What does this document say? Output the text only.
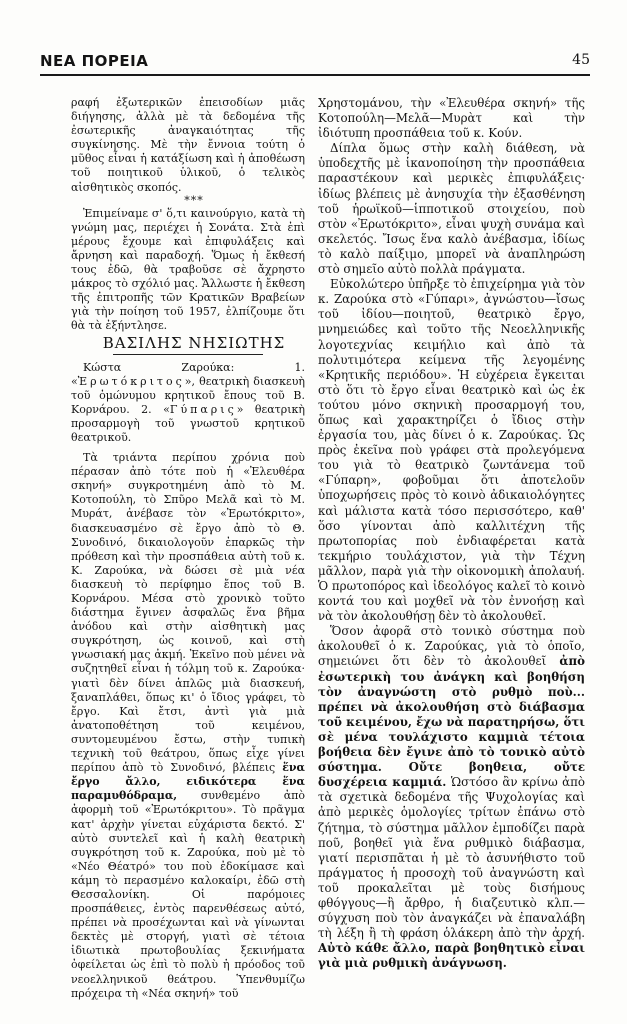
ΝΕΑ ΠΟΡΕΙΑ	45

ραφή ἐξωτερικῶν ἐπεισοδίων μιᾶς διήγησης, ἀλλὰ μὲ τὰ δεδομένα τῆς ἐσωτερικῆς ἀναγκαιότητας τῆς συγκίνησης. Μὲ τὴν ἔννοια τούτη ὁ μῦθος εἶναι ἡ κατάξίωση καὶ ἡ ἀποθέωση τοῦ ποιητικοῦ ὑλικοῦ, ὁ τελικὸς αἰσθητικὸς σκοπός.

***

Ἐπιμείναμε σ' ὅ,τι καινούργιο, κατὰ τὴ γνώμη μας, περιέχει ἡ Σονάτα. Στὰ ἐπὶ μέρους ἔχουμε καὶ ἐπιφυλάξεις καὶ ἄρνηση καὶ παραδοχή. Ὅμως ἡ ἔκθεσή τους ἐδῶ, θὰ τραβοῦσε σὲ ἄχρηστο μάκρος τὸ σχόλιό μας. Ἄλλωστε ἡ ἔκθεση τῆς ἐπιτροπῆς τῶν Κρατικῶν Βραβείων γιὰ τὴν ποίηση τοῦ 1957, ἐλπίζουμε ὅτι θὰ τὰ ἐξήντλησε.

ΒΑΣΙΛΗΣ ΝΗΣΙΩΤΗΣ

Κώστα Ζαρούκα: 1. «Ἐρωτόκριτος», θεατρικὴ διασκευὴ τοῦ ὁμώνυμου κρητικοῦ ἔπους τοῦ Β. Κορνάρου. 2. «Γύπαρις» θεατρικὴ προσαρμογὴ τοῦ γνωστοῦ κρητικοῦ θεατρικοῦ.

Τὰ τριάντα περίπου χρόνια ποὺ πέρασαν ἀπὸ τότε ποὺ ἡ «Ἐλευθέρα σκηνή» συγκροτημένη ἀπὸ τὸ Μ. Κοτοπούλη, τὸ Σπῦρο Μελᾶ καὶ τὸ Μ. Μυράτ, ἀνέβασε τὸν «Ἐρωτόκριτο», διασκευασμένο σὲ ἔργο ἀπὸ τὸ Θ. Συνοδινό, δικαιολογοῦν ἐπαρκῶς τὴν πρόθεση καὶ τὴν προσπάθεια αὐτὴ τοῦ κ. Κ. Ζαρούκα, νὰ δώσει σὲ μιὰ νέα διασκευὴ τὸ περίφημο ἔπος τοῦ Β. Κορνάρου. Μέσα στὸ χρονικὸ τοῦτο διάστημα ἔγινεν ἀσφαλῶς ἕνα βῆμα ἀνόδου καὶ στὴν αἰσθητικὴ μας συγκρότηση, ὡς κοινοῦ, καὶ στὴ γνωσιακή μας ἀκμή. Ἐκεῖνο ποὺ μένει νὰ συζητηθεῖ εἶναι ἡ τόλμη τοῦ κ. Ζαρούκα· γιατὶ δὲν δίνει ἁπλῶς μιὰ διασκευή, ξαναπλάθει, ὅπως κι' ὁ ἴδιος γράφει, τὸ ἔργο. Καὶ ἔτσι, ἀντὶ γιὰ μιὰ ἀνατοποθέτηση τοῦ κειμένου, συντομευμένου ἔστω, στὴν τυπικὴ τεχνικὴ τοῦ θεάτρου, ὅπως εἶχε γίνει περίπου ἀπὸ τὸ Συνοδινό, βλέπεις ἕνα ἔργο ἄλλο, ειδικότερα ἕνα παραμυθόδραμα, συνθεμένο ἀπὸ ἀφορμὴ τοῦ «Ἐρωτόκριτου». Τὸ πρᾶγμα κατ' ἀρχὴν γίνεται εὐχάριστα δεκτό. Σ' αὐτὸ συντελεῖ καὶ ἡ καλὴ θεατρικὴ συγκρότηση τοῦ κ. Ζαρούκα, ποὺ μὲ τὸ «Νέο Θέατρό» του ποὺ ἐδοκίμασε καὶ κάμη τὸ περασμένο καλοκαίρι, ἐδῶ στὴ Θεσσαλονίκη. Οἱ παρόμοιες προσπάθειες, ἐντὸς παρενθέσεως αὐτό, πρέπει νὰ προσέχωνται καὶ νὰ γίνωνται δεκτὲς μὲ στοργή, γιατὶ σὲ τέτοια ἰδιωτικὰ πρωτοβουλίας ξεκινήματα ὀφείλεται ὡς ἐπὶ τὸ πολὺ ἡ πρόοδος τοῦ νεοελληνικοῦ θεάτρου. Ὑπενθυμίζω πρόχειρα τὴ «Νέα σκηνή» τοῦ

Χρηστομάνου, τὴν «Ἐλευθέρα σκηνή» τῆς Κοτοπούλη—Μελᾶ—Μυρὰτ καὶ τὴν ἰδιότυπη προσπάθεια τοῦ κ. Κούν.

Δίπλα ὅμως στὴν καλὴ διάθεση, νὰ ὑποδεχτῆς μὲ ἱκανοποίηση τὴν προσπάθεια παραστέκουν καὶ μερικὲς ἐπιφυλάξεις· ἰδίως βλέπεις μὲ ἀνησυχία τὴν ἐξασθένηση τοῦ ἡρωϊκοῦ—ἱπποτικοῦ στοιχείου, ποὺ στὸν «Ἐρωτόκριτο», εἶναι ψυχὴ συνάμα καὶ σκελετός. Ἴσως ἕνα καλὸ ἀνέβασμα, ἰδίως τὸ καλὸ παίξιμο, μπορεῖ νὰ ἀναπληρώση στὸ σημεῖο αὐτὸ πολλὰ πράγματα.

Εὐκολώτερο ὑπῆρξε τὸ ἐπιχείρημα γιὰ τὸν κ. Ζαρούκα στὸ «Γύπαρι», ἀγνώστου—ἴσως τοῦ ἰδίου—ποιητοῦ, θεατρικὸ ἔργο, μνημειώδες καὶ τοῦτο τῆς Νεοελληνικῆς λογοτεχνίας κειμήλιο καὶ ἀπὸ τὰ πολυτιμότερα κείμενα τῆς λεγομένης «Κρητικῆς περιόδου». Ἡ εὐχέρεια ἔγκειται στὸ ὅτι τὸ ἔργο εἶναι θεατρικὸ καὶ ὡς ἐκ τούτου μόνο σκηνικὴ προσαρμογή του, ὅπως καὶ χαρακτηρίζει ὁ ἴδιος στὴν ἐργασία του, μὰς δίνει ὁ κ. Ζαρούκας. Ὡς πρὸς ἐκεῖνα ποὺ γράφει στὰ προλεγόμενα του γιὰ τὸ θεατρικὸ ζωντάνεμα τοῦ «Γύπαρη», φοβοῦμαι ὅτι ἀποτελοῦν ὑποχωρήσεις πρὸς τὸ κοινὸ ἀδικαιολόγητες καὶ μάλιστα κατὰ τόσο περισσότερο, καθ' ὅσο γίνονται ἀπὸ καλλιτέχνη τῆς πρωτοπορίας ποὺ ἐνδιαφέρεται κατὰ τεκμήριο τουλάχιστον, γιὰ τὴν Τέχνη μᾶλλον, παρὰ γιὰ τὴν οἰκονομικὴ ἀπολαυή. Ὁ πρωτοπόρος καὶ ἰδεολόγος καλεῖ τὸ κοινὸ κοντά του καὶ μοχθεῖ νὰ τὸν ἐννοήσῃ καὶ νὰ τὸν ἀκολουθήσῃ δὲν τὸ ἀκολουθεῖ.

Ὅσον ἀφορᾶ στὸ τονικὸ σύστημα ποὺ ἀκολουθεῖ ὁ κ. Ζαρούκας, γιὰ τὸ ὁποῖο, σημειώνει ὅτι δὲν τὸ ἀκολουθεῖ ἀπὸ ἐσωτερικὴ του ἀνάγκη καὶ βοηθήση τὸν ἀναγνώστη στὸ ρυθμὸ ποὺ... πρέπει νὰ ἀκολουθήση στὸ διάβασμα τοῦ κειμένου, ἔχω νὰ παρατηρήσω, ὅτι σὲ μένα τουλάχιστο καμμιὰ τέτοια βοήθεια δὲν ἔγινε ἀπὸ τὸ τονικὸ αὐτὸ σύστημα. Οὔτε βοηθεια, οὔτε δυσχέρεια καμμιά. Ὡστόσο ἂν κρίνω ἀπὸ τὰ σχετικὰ δεδομένα τῆς Ψυχολογίας καὶ ἀπὸ μερικὲς ὁμολογίες τρίτων ἐπάνω στὸ ζήτημα, τὸ σύστημα μᾶλλον ἐμποδίζει παρὰ ποῦ, βοηθεῖ γιὰ ἕνα ρυθμικὸ διάβασμα, γιατί περισπᾶται ἡ μὲ τὸ ἀσυνήθιστο τοῦ πράγματος ἡ προσοχὴ τοῦ ἀναγνώστη καὶ τοῦ προκαλεῖται μὲ τοὺς δισήμους φθόγγους—ἢ ἄρθρο, ἡ διαζευτικὸ κλπ.—σύγχυση ποὺ τὸν ἀναγκάζει νὰ ἐπαναλάβη τὴ λέξη ἢ τὴ φράση ὁλάκερη ἀπὸ τὴν ἀρχή. Αὐτὸ κάθε ἄλλο, παρὰ βοηθητικὸ εἶναι γιὰ μιὰ ρυθμικὴ ἀνάγνωση.
